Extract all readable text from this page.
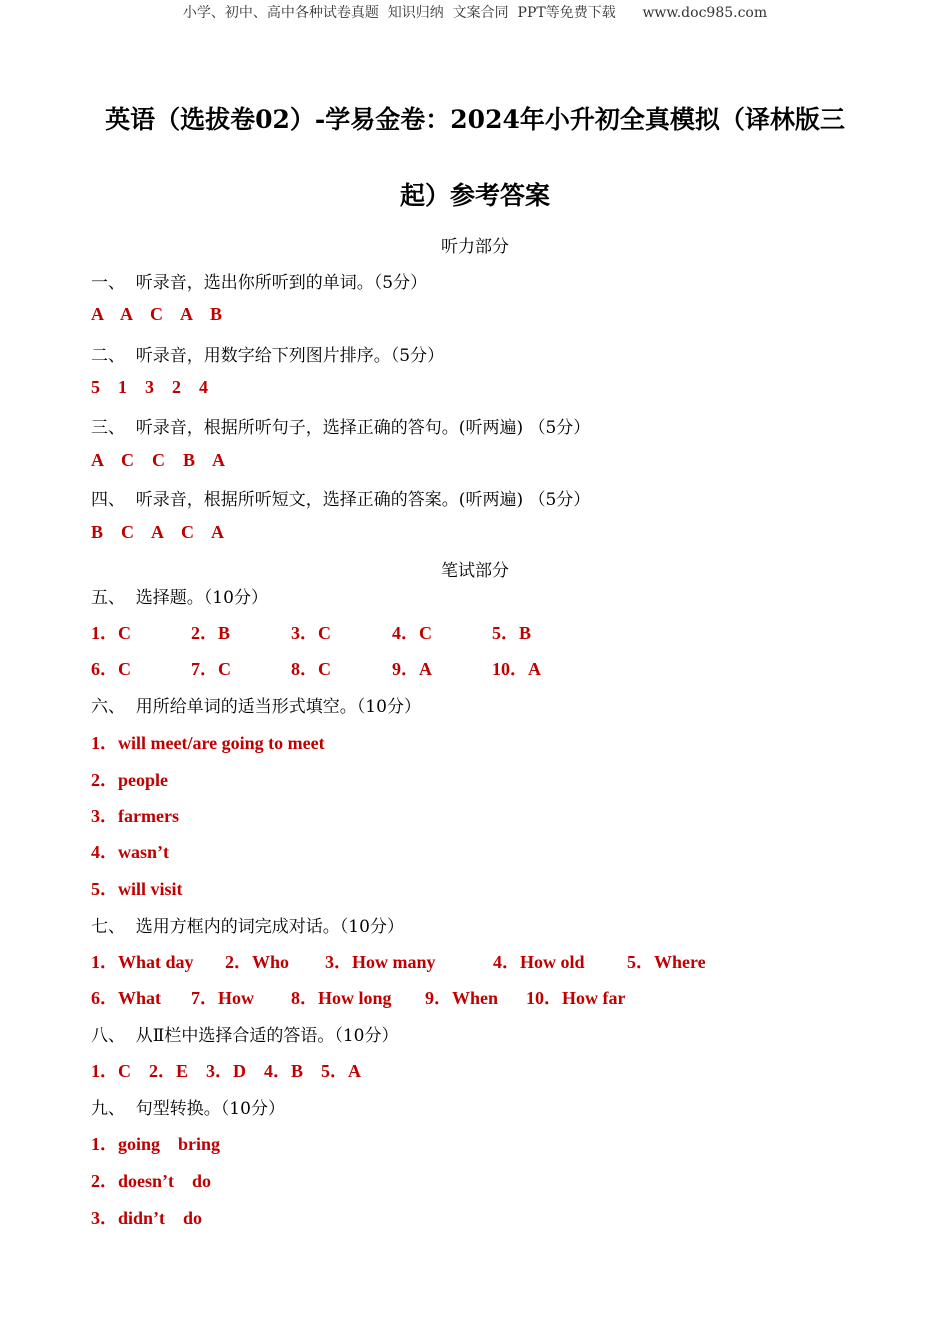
小学、初中、高中各种试卷真题  知识归纳  文案合同  PPT等免费下载      www.doc985.com
英语（选拔卷02）-学易金卷：2024年小升初全真模拟（译林版三
起）参考答案
听力部分
一、  听录音，选出你所听到的单词。（5分）
A    A    C    A    B
二、  听录音，用数字给下列图片排序。（5分）
5    1    3    2    4
三、  听录音，根据所听句子，选择正确的答句。(听两遍) （5分）
A    C    C    B    A
四、  听录音，根据所听短文，选择正确的答案。(听两遍) （5分）
B    C    A    C    A
笔试部分
五、  选择题。（10分）
1．C	2．B	3．C	4．C	5．B
6．C	7．C	8．C	9．A	10．A
六、  用所给单词的适当形式填空。（10分）
1．will meet/are going to meet
2．people
3．farmers
4．wasn’t
5．will visit
七、  选用方框内的词完成对话。（10分）
1．What day 2．Who 3．How many	4．How old 5．Where
6．What 7．How 8．How long 9．When 10．How far
八、  从Ⅱ栏中选择合适的答语。（10分）
1．C    2．E    3．D    4．B    5．A
九、  句型转换。（10分）
1．going    bring
2．doesn’t    do
3．didn’t    do
